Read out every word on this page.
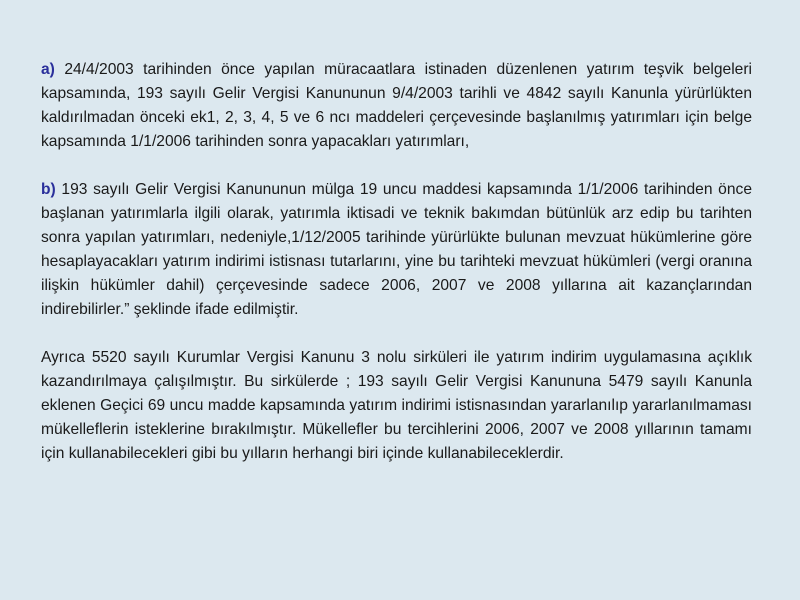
a) 24/4/2003 tarihinden önce yapılan müracaatlara istinaden düzenlenen yatırım teşvik belgeleri kapsamında, 193 sayılı Gelir Vergisi Kanununun 9/4/2003 tarihli ve 4842 sayılı Kanunla yürürlükten kaldırılmadan önceki ek1, 2, 3, 4, 5 ve 6 ncı maddeleri çerçevesinde başlanılmış yatırımları için belge kapsamında 1/1/2006 tarihinden sonra yapacakları yatırımları,

b) 193 sayılı Gelir Vergisi Kanununun mülga 19 uncu maddesi kapsamında 1/1/2006 tarihinden önce başlanan yatırımlarla ilgili olarak, yatırımla iktisadi ve teknik bakımdan bütünlük arz edip bu tarihten sonra yapılan yatırımları, nedeniyle,1/12/2005 tarihinde yürürlükte bulunan mevzuat hükümlerine göre hesaplayacakları yatırım indirimi istisnası tutarlarını, yine bu tarihteki mevzuat hükümleri (vergi oranına ilişkin hükümler dahil) çerçevesinde sadece 2006, 2007 ve 2008 yıllarına ait kazançlarından indirebilirler.” şeklinde ifade edilmiştir.

Ayrıca 5520 sayılı Kurumlar Vergisi Kanunu 3 nolu sirküleri ile yatırım indirim uygulamasına açıklık kazandırılmaya çalışılmıştır. Bu sirkülerde ; 193 sayılı Gelir Vergisi Kanununa 5479 sayılı Kanunla eklenen Geçici 69 uncu madde kapsamında yatırım indirimi istisnasından yararlanılıp yararlanılmaması mükelleflerin isteklerine bırakılmıştır. Mükellefler bu tercihlerini 2006, 2007 ve 2008 yıllarının tamamı için kullanabilecekleri gibi bu yılların herhangi biri içinde kullanabileceklerdir.
